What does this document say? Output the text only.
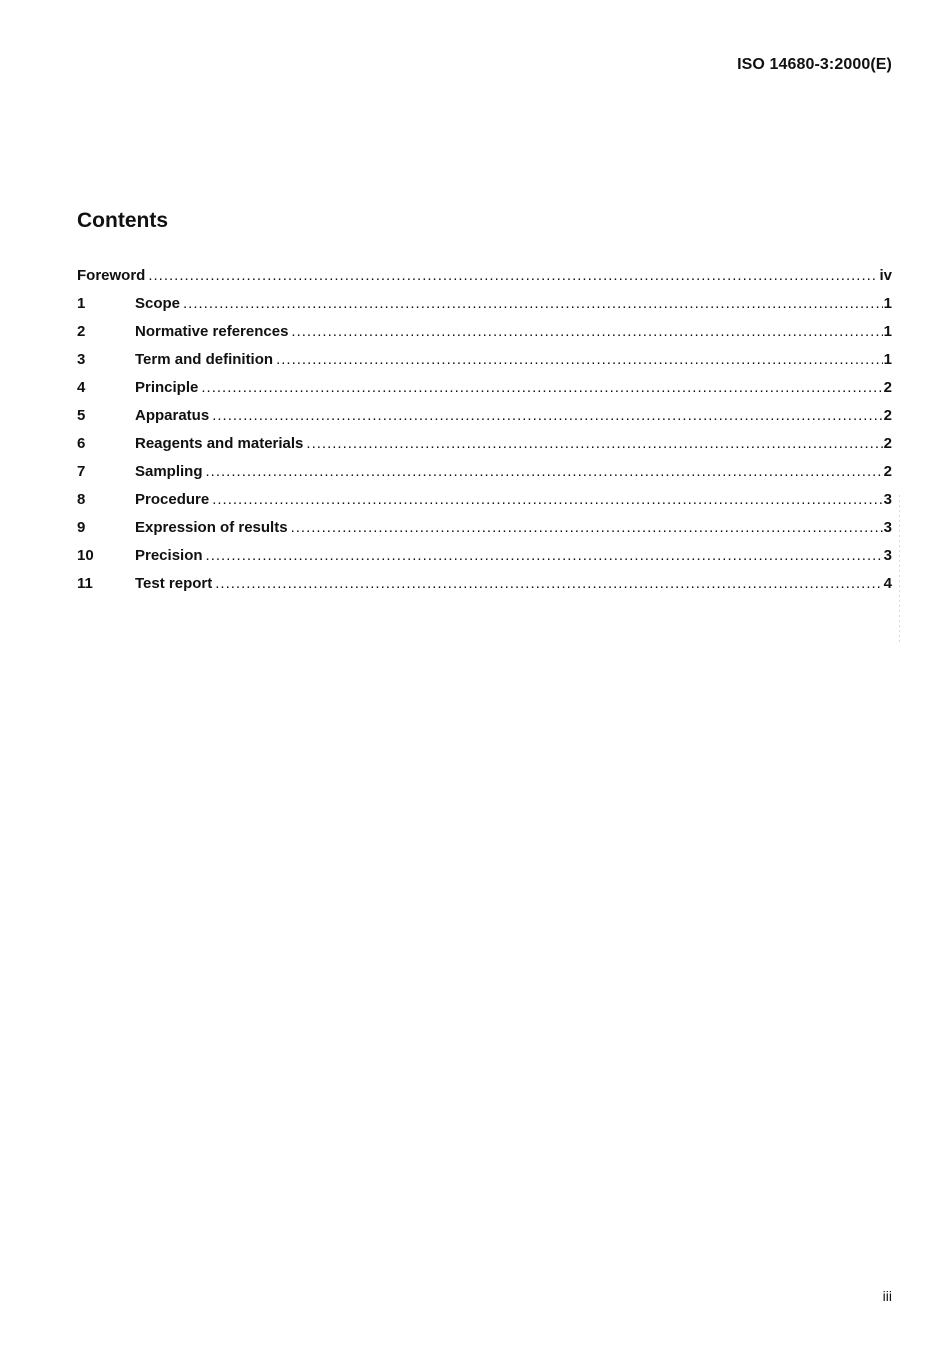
ISO 14680-3:2000(E)
Contents
Foreword .....	iv
1	Scope .....	1
2	Normative references .....	1
3	Term and definition .....	1
4	Principle .....	2
5	Apparatus .....	2
6	Reagents and materials .....	2
7	Sampling .....	2
8	Procedure .....	3
9	Expression of results .....	3
10	Precision .....	3
11	Test report .....	4
iii
